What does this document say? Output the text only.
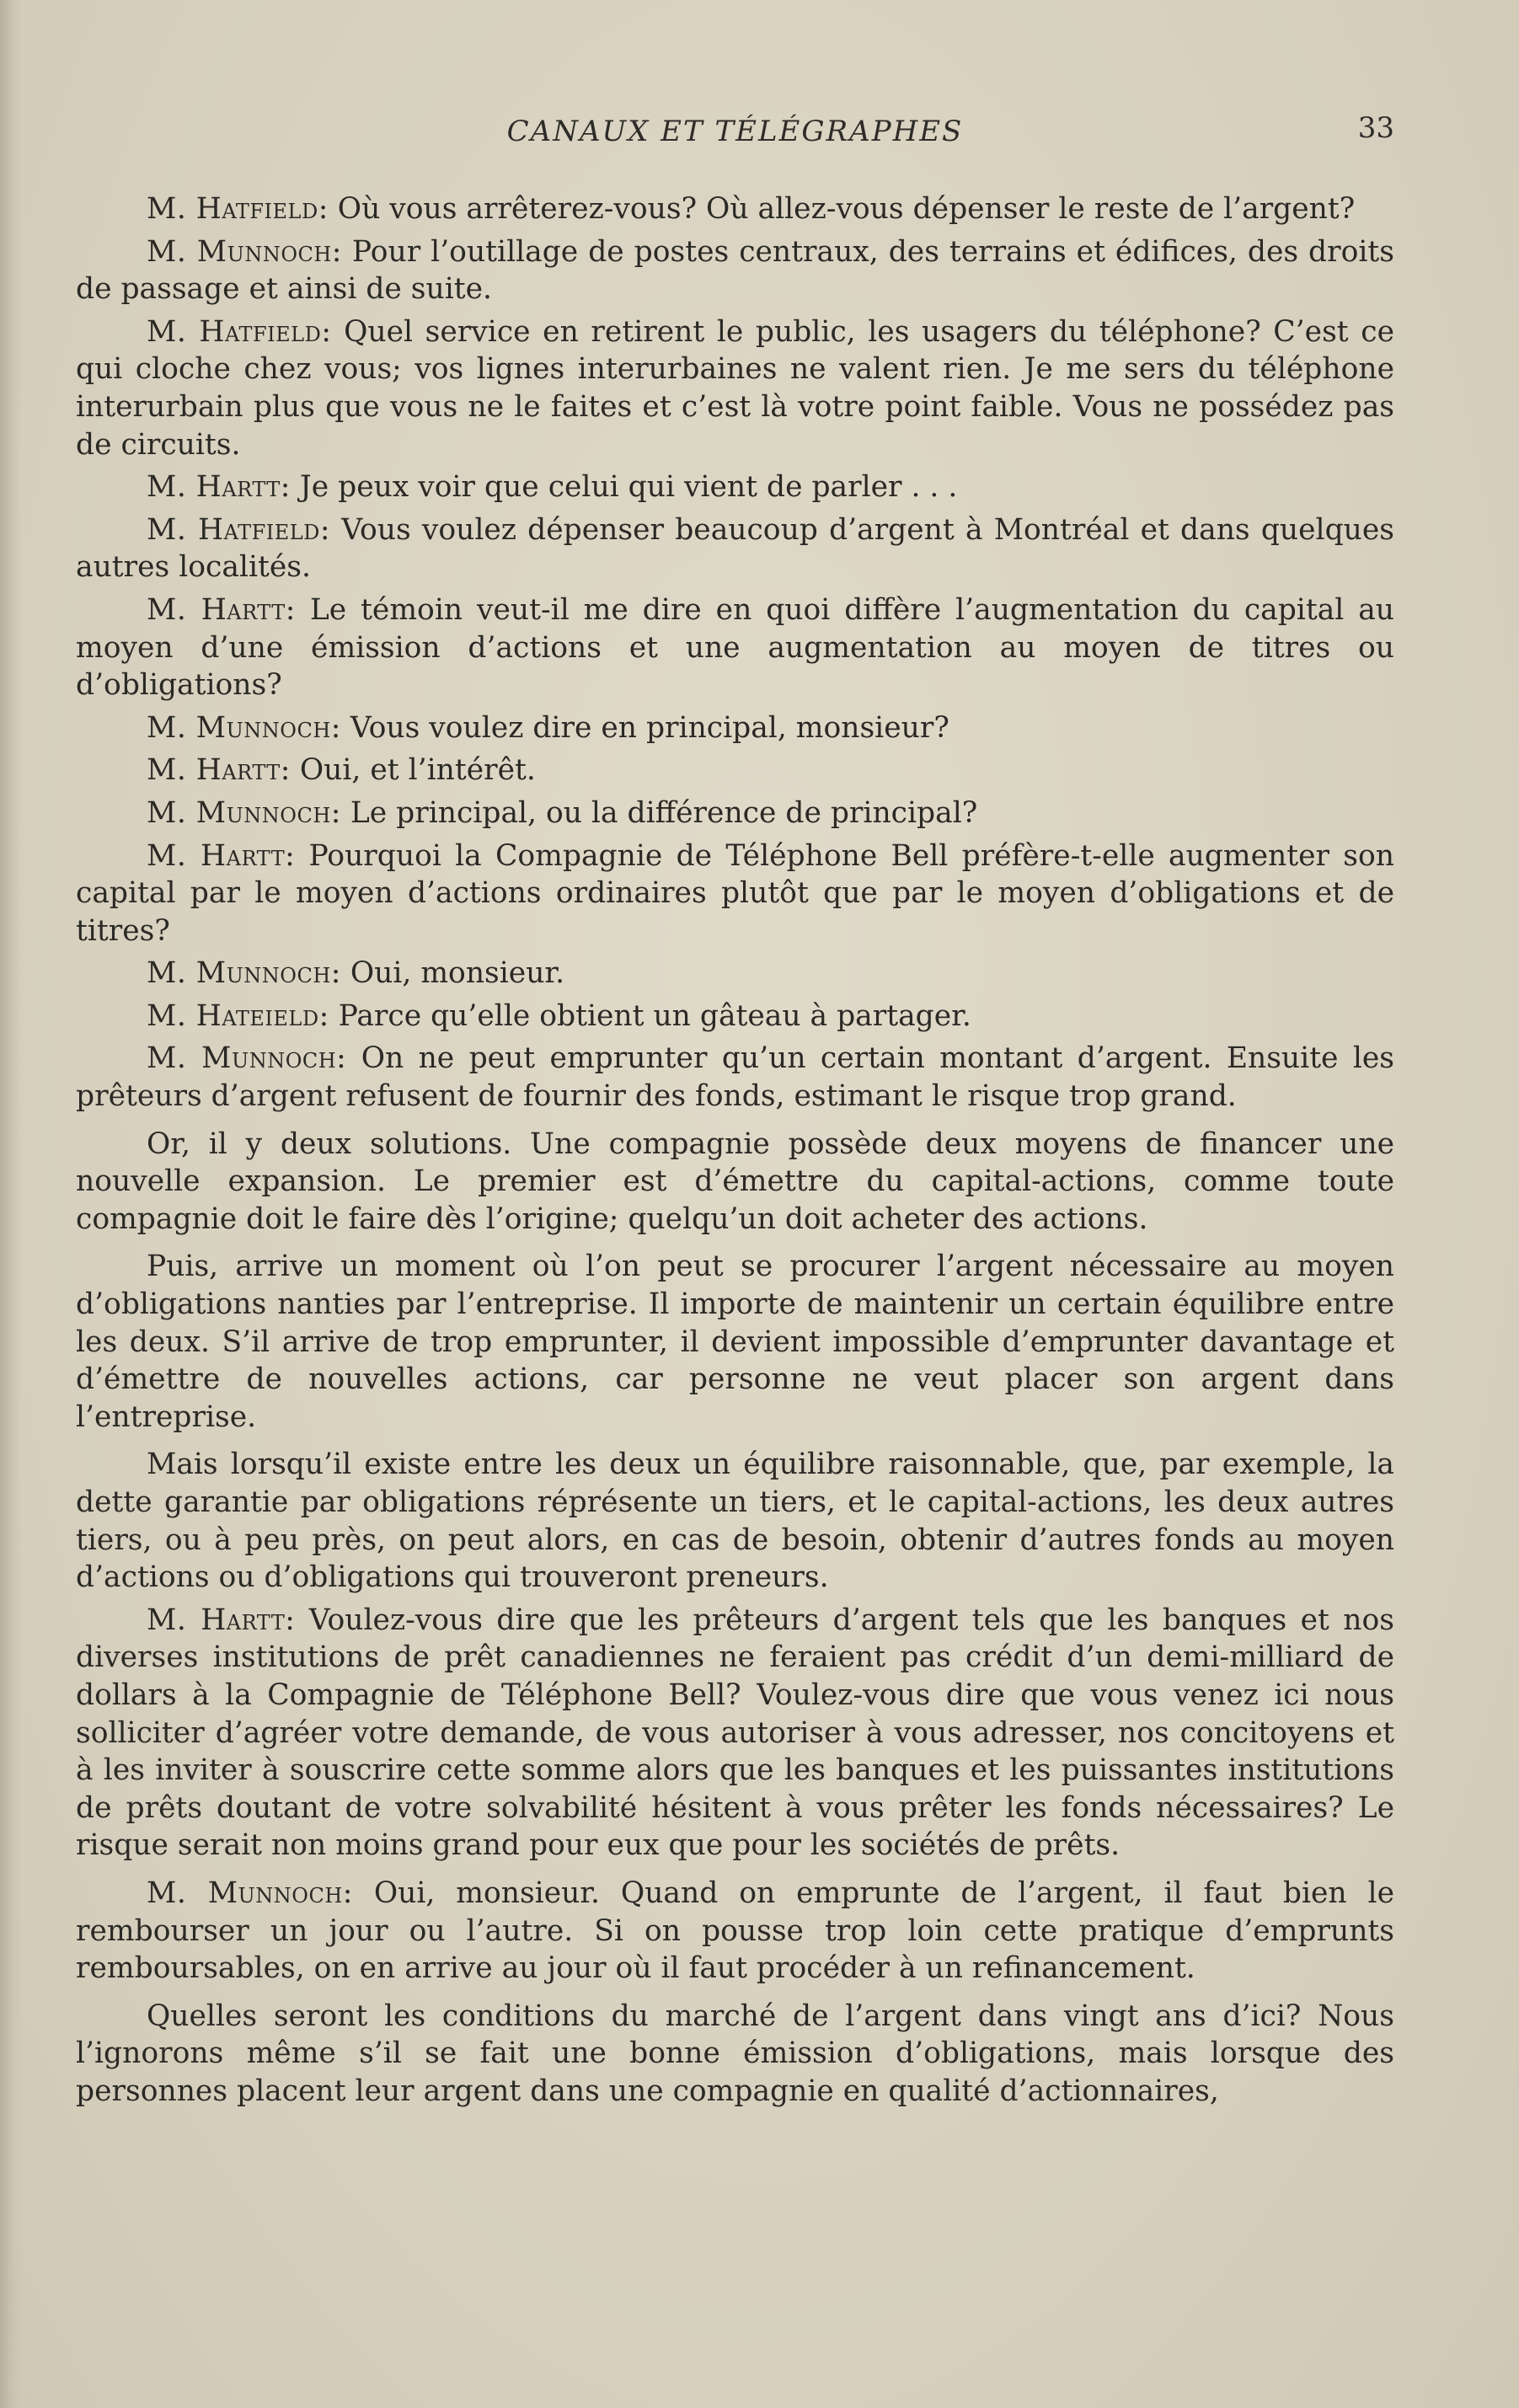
CANAUX ET TÉLÉGRAPHES	33

M. Hatfield: Où vous arrêterez-vous? Où allez-vous dépenser le reste de l’argent?

M. Munnoch: Pour l’outillage de postes centraux, des terrains et édifices, des droits de passage et ainsi de suite.

M. Hatfield: Quel service en retirent le public, les usagers du téléphone? C’est ce qui cloche chez vous; vos lignes interurbaines ne valent rien. Je me sers du téléphone interurbain plus que vous ne le faites et c’est là votre point faible. Vous ne possédez pas de circuits.

M. Hartt: Je peux voir que celui qui vient de parler . . .

M. Hatfield: Vous voulez dépenser beaucoup d’argent à Montréal et dans quelques autres localités.

M. Hartt: Le témoin veut-il me dire en quoi diffère l’augmentation du capital au moyen d’une émission d’actions et une augmentation au moyen de titres ou d’obligations?

M. Munnoch: Vous voulez dire en principal, monsieur?

M. Hartt: Oui, et l’intérêt.

M. Munnoch: Le principal, ou la différence de principal?

M. Hartt: Pourquoi la Compagnie de Téléphone Bell préfère-t-elle augmenter son capital par le moyen d’actions ordinaires plutôt que par le moyen d’obligations et de titres?

M. Munnoch: Oui, monsieur.

M. Hateield: Parce qu’elle obtient un gâteau à partager.

M. Munnoch: On ne peut emprunter qu’un certain montant d’argent. Ensuite les prêteurs d’argent refusent de fournir des fonds, estimant le risque trop grand.

Or, il y deux solutions. Une compagnie possède deux moyens de financer une nouvelle expansion. Le premier est d’émettre du capital-actions, comme toute compagnie doit le faire dès l’origine; quelqu’un doit acheter des actions.

Puis, arrive un moment où l’on peut se procurer l’argent nécessaire au moyen d’obligations nanties par l’entreprise. Il importe de maintenir un certain équilibre entre les deux. S’il arrive de trop emprunter, il devient impossible d’emprunter davantage et d’émettre de nouvelles actions, car personne ne veut placer son argent dans l’entreprise.

Mais lorsqu’il existe entre les deux un équilibre raisonnable, que, par exemple, la dette garantie par obligations réprésente un tiers, et le capital-actions, les deux autres tiers, ou à peu près, on peut alors, en cas de besoin, obtenir d’autres fonds au moyen d’actions ou d’obligations qui trouveront preneurs.

M. Hartt: Voulez-vous dire que les prêteurs d’argent tels que les banques et nos diverses institutions de prêt canadiennes ne feraient pas crédit d’un demi-milliard de dollars à la Compagnie de Téléphone Bell? Voulez-vous dire que vous venez ici nous solliciter d’agréer votre demande, de vous autoriser à vous adresser, nos concitoyens et à les inviter à souscrire cette somme alors que les banques et les puissantes institutions de prêts doutant de votre solvabilité hésitent à vous prêter les fonds nécessaires? Le risque serait non moins grand pour eux que pour les sociétés de prêts.

M. Munnoch: Oui, monsieur. Quand on emprunte de l’argent, il faut bien le rembourser un jour ou l’autre. Si on pousse trop loin cette pratique d’emprunts remboursables, on en arrive au jour où il faut procéder à un refinancement.

Quelles seront les conditions du marché de l’argent dans vingt ans d’ici? Nous l’ignorons même s’il se fait une bonne émission d’obligations, mais lorsque des personnes placent leur argent dans une compagnie en qualité d’actionnaires,
